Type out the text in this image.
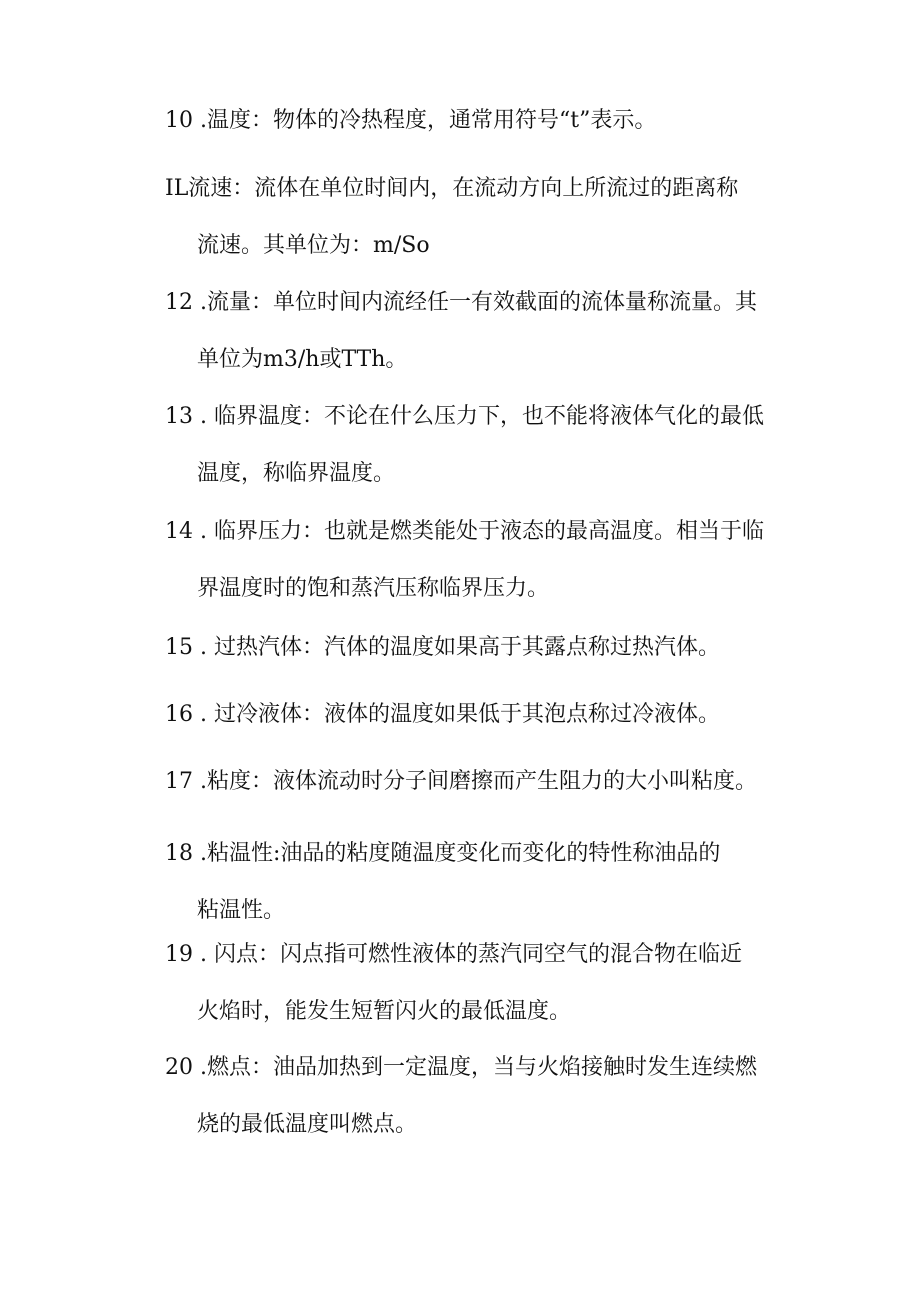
10 .温度：物体的冷热程度，通常用符号“t”表示。
IL流速：流体在单位时间内，在流动方向上所流过的距离称
流速。其单位为：m/So
12 .流量：单位时间内流经任一有效截面的流体量称流量。其
单位为m3/h或TTh。
13 . 临界温度：不论在什么压力下，也不能将液体气化的最低
温度，称临界温度。
14 . 临界压力：也就是燃类能处于液态的最高温度。相当于临
界温度时的饱和蒸汽压称临界压力。
15 . 过热汽体：汽体的温度如果高于其露点称过热汽体。
16 . 过冷液体：液体的温度如果低于其泡点称过冷液体。
17 .粘度：液体流动时分子间磨擦而产生阻力的大小叫粘度。
18 .粘温性:油品的粘度随温度变化而变化的特性称油品的
粘温性。
19 . 闪点：闪点指可燃性液体的蒸汽同空气的混合物在临近
火焰时，能发生短暂闪火的最低温度。
20 .燃点：油品加热到一定温度，当与火焰接触时发生连续燃
烧的最低温度叫燃点。
